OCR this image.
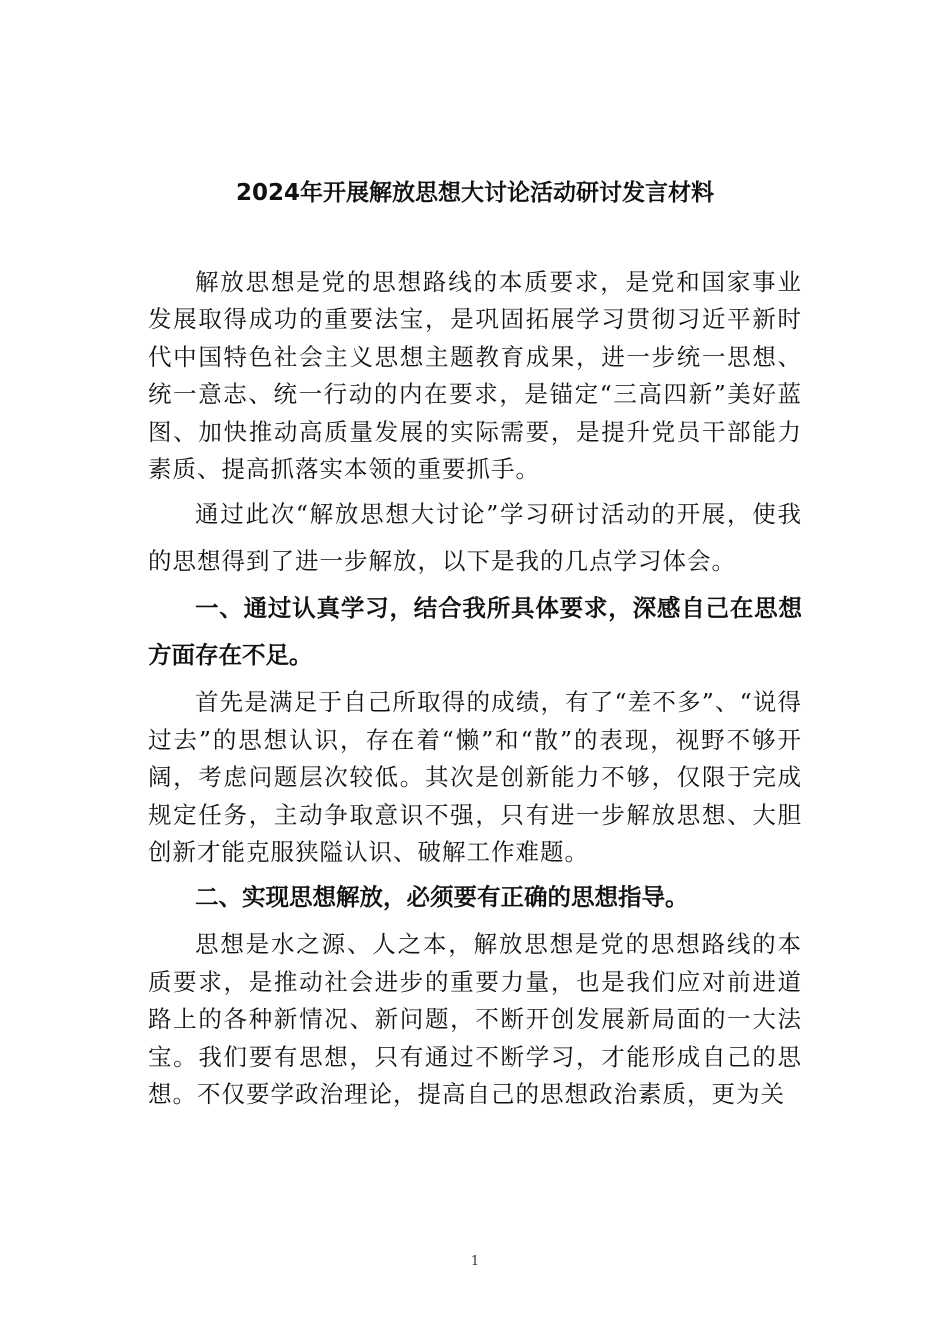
2024年开展解放思想大讨论活动研讨发言材料

解放思想是党的思想路线的本质要求，是党和国家事业发展取得成功的重要法宝，是巩固拓展学习贯彻习近平新时代中国特色社会主义思想主题教育成果，进一步统一思想、统一意志、统一行动的内在要求，是锚定“三高四新”美好蓝图、加快推动高质量发展的实际需要，是提升党员干部能力素质、提高抓落实本领的重要抓手。

通过此次“解放思想大讨论”学习研讨活动的开展，使我的思想得到了进一步解放，以下是我的几点学习体会。

一、通过认真学习，结合我所具体要求，深感自己在思想方面存在不足。

首先是满足于自己所取得的成绩，有了“差不多”、“说得过去”的思想认识，存在着“懒”和“散”的表现，视野不够开阔，考虑问题层次较低。其次是创新能力不够，仅限于完成规定任务，主动争取意识不强，只有进一步解放思想、大胆创新才能克服狭隘认识、破解工作难题。

二、实现思想解放，必须要有正确的思想指导。

思想是水之源、人之本，解放思想是党的思想路线的本质要求，是推动社会进步的重要力量，也是我们应对前进道路上的各种新情况、新问题，不断开创发展新局面的一大法宝。我们要有思想，只有通过不断学习，才能形成自己的思想。不仅要学政治理论，提高自己的思想政治素质，更为关

1
